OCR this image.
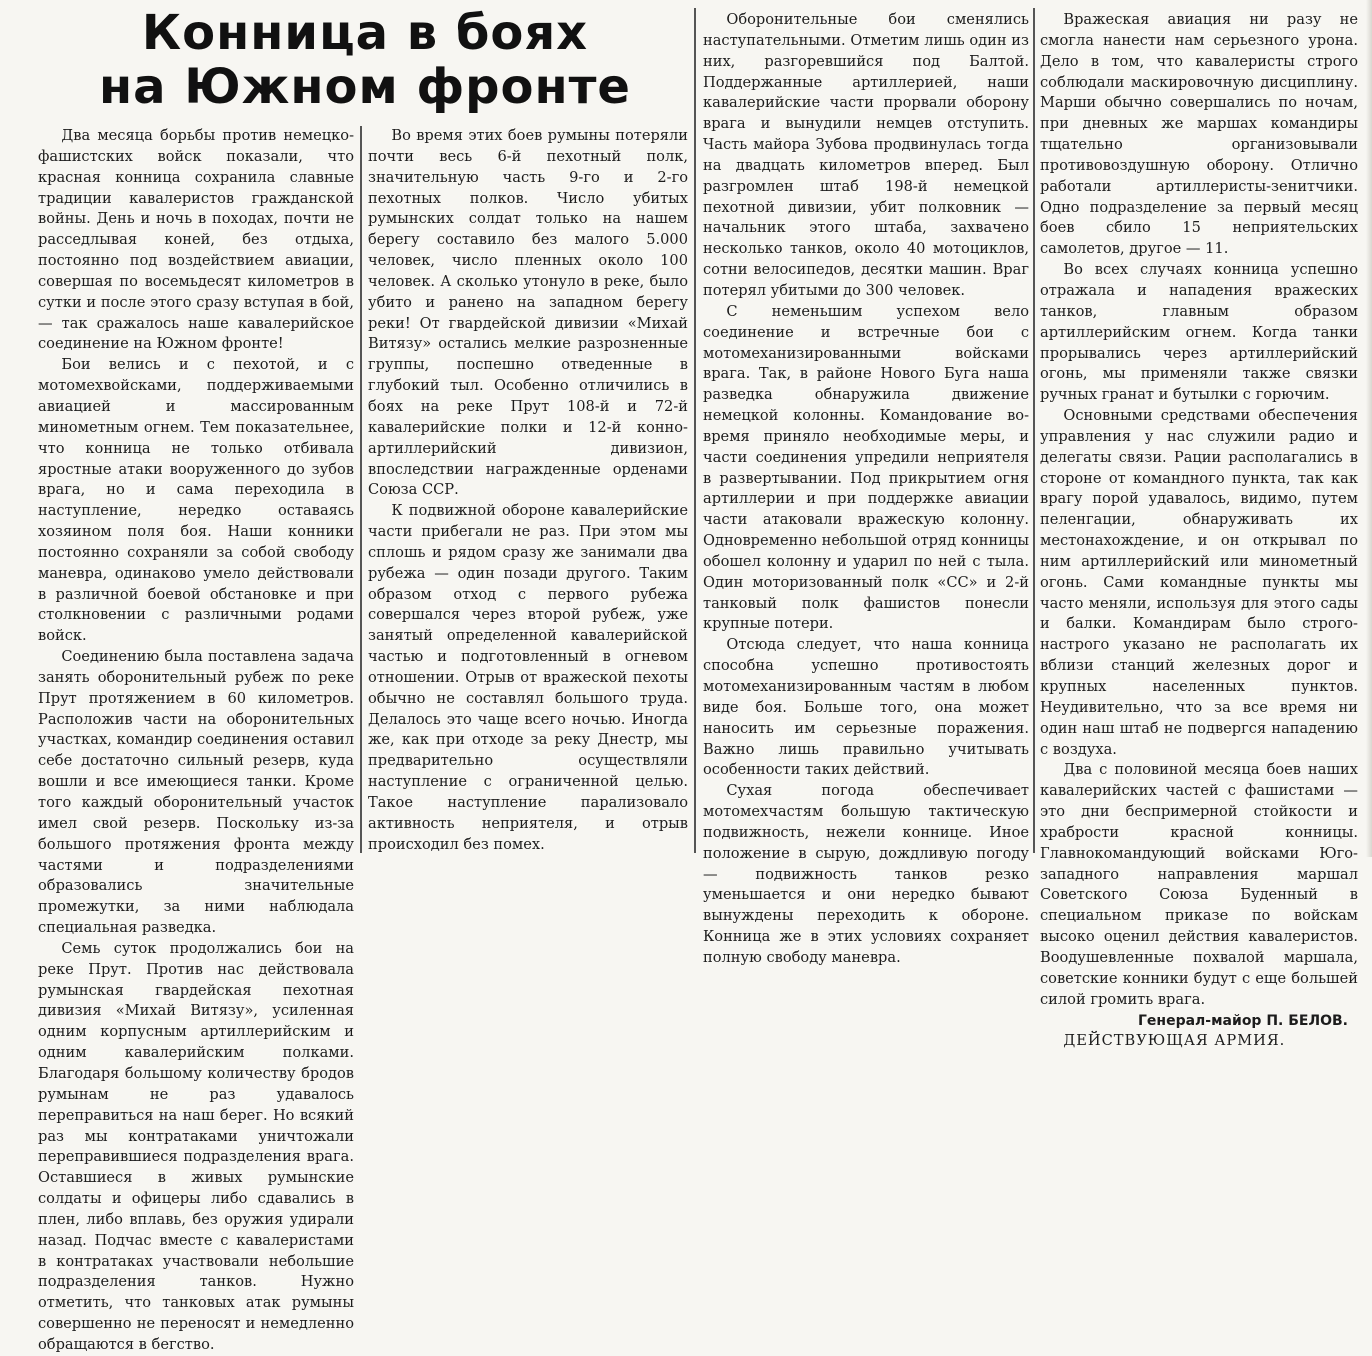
Конница в боях
на Южном фронте

Два месяца борьбы против немецко-фашистских войск показали, что красная конница сохранила славные традиции кавалеристов гражданской войны. День и ночь в походах, почти не расседлывая коней, без отдыха, постоянно под воздействием авиации, совершая по восемьдесят километров в сутки и после этого сразу вступая в бой, — так сражалось наше кавалерийское соединение на Южном фронте!

Бои велись и с пехотой, и с мотомехвойсками, поддерживаемыми авиацией и массированным минометным огнем. Тем показательнее, что конница не только отбивала яростные атаки вооруженного до зубов врага, но и сама переходила в наступление, нередко оставаясь хозяином поля боя. Наши конники постоянно сохраняли за собой свободу маневра, одинаково умело действовали в различной боевой обстановке и при столкновении с различными родами войск.

Соединению была поставлена задача занять оборонительный рубеж по реке Прут протяжением в 60 километров. Расположив части на оборонительных участках, командир соединения оставил себе достаточно сильный резерв, куда вошли и все имеющиеся танки. Кроме того каждый оборонительный участок имел свой резерв. Поскольку из-за большого протяжения фронта между частями и подразделениями образовались значительные промежутки, за ними наблюдала специальная разведка.

Семь суток продолжались бои на реке Прут. Против нас действовала румынская гвардейская пехотная дивизия «Михай Витязу», усиленная одним корпусным артиллерийским и одним кавалерийским полками. Благодаря большому количеству бродов румынам не раз удавалось переправиться на наш берег. Но всякий раз мы контратаками уничтожали переправившиеся подразделения врага. Оставшиеся в живых румынские солдаты и офицеры либо сдавались в плен, либо вплавь, без оружия удирали назад. Подчас вместе с кавалеристами в контратаках участвовали небольшие подразделения танков. Нужно отметить, что танковых атак румыны совершенно не переносят и немедленно обращаются в бегство.

Во время этих боев румыны потеряли почти весь 6-й пехотный полк, значительную часть 9-го и 2-го пехотных полков. Число убитых румынских солдат только на нашем берегу составило без малого 5.000 человек, число пленных около 100 человек. А сколько утонуло в реке, было убито и ранено на западном берегу реки! От гвардейской дивизии «Михай Витязу» остались мелкие разрозненные группы, поспешно отведенные в глубокий тыл. Особенно отличились в боях на реке Прут 108-й и 72-й кавалерийские полки и 12-й конно-артиллерийский дивизион, впоследствии награжденные орденами Союза ССР.

К подвижной обороне кавалерийские части прибегали не раз. При этом мы сплошь и рядом сразу же занимали два рубежа — один позади другого. Таким образом отход с первого рубежа совершался через второй рубеж, уже занятый определенной кавалерийской частью и подготовленный в огневом отношении. Отрыв от вражеской пехоты обычно не составлял большого труда. Делалось это чаще всего ночью. Иногда же, как при отходе за реку Днестр, мы предварительно осуществляли наступление с ограниченной целью. Такое наступление парализовало активность неприятеля, и отрыв происходил без помех.

Оборонительные бои сменялись наступательными. Отметим лишь один из них, разгоревшийся под Балтой. Поддержанные артиллерией, наши кавалерийские части прорвали оборону врага и вынудили немцев отступить. Часть майора Зубова продвинулась тогда на двадцать километров вперед. Был разгромлен штаб 198-й немецкой пехотной дивизии, убит полковник — начальник этого штаба, захвачено несколько танков, около 40 мотоциклов, сотни велосипедов, десятки машин. Враг потерял убитыми до 300 человек.

С неменьшим успехом вело соединение и встречные бои с мотомеханизированными войсками врага. Так, в районе Нового Буга наша разведка обнаружила движение немецкой колонны. Командование во-время приняло необходимые меры, и части соединения упредили неприятеля в развертывании. Под прикрытием огня артиллерии и при поддержке авиации части атаковали вражескую колонну. Одновременно небольшой отряд конницы обошел колонну и ударил по ней с тыла. Один моторизованный полк «СС» и 2-й танковый полк фашистов понесли крупные потери.

Отсюда следует, что наша конница способна успешно противостоять мотомеханизированным частям в любом виде боя. Больше того, она может наносить им серьезные поражения. Важно лишь правильно учитывать особенности таких действий.

Сухая погода обеспечивает мотомехчастям большую тактическую подвижность, нежели коннице. Иное положение в сырую, дождливую погоду — подвижность танков резко уменьшается и они нередко бывают вынуждены переходить к обороне. Конница же в этих условиях сохраняет полную свободу маневра.

Вражеская авиация ни разу не смогла нанести нам серьезного урона. Дело в том, что кавалеристы строго соблюдали маскировочную дисциплину. Марши обычно совершались по ночам, при дневных же маршах командиры тщательно организовывали противовоздушную оборону. Отлично работали артиллеристы-зенитчики. Одно подразделение за первый месяц боев сбило 15 неприятельских самолетов, другое — 11.

Во всех случаях конница успешно отражала и нападения вражеских танков, главным образом артиллерийским огнем. Когда танки прорывались через артиллерийский огонь, мы применяли также связки ручных гранат и бутылки с горючим.

Основными средствами обеспечения управления у нас служили радио и делегаты связи. Рации располагались в стороне от командного пункта, так как врагу порой удавалось, видимо, путем пеленгации, обнаруживать их местонахождение, и он открывал по ним артиллерийский или минометный огонь. Сами командные пункты мы часто меняли, используя для этого сады и балки. Командирам было строго-настрого указано не располагать их вблизи станций железных дорог и крупных населенных пунктов. Неудивительно, что за все время ни один наш штаб не подвергся нападению с воздуха.

Два с половиной месяца боев наших кавалерийских частей с фашистами — это дни беспримерной стойкости и храбрости красной конницы. Главнокомандующий войсками Юго-западного направления маршал Советского Союза Буденный в специальном приказе по войскам высоко оценил действия кавалеристов. Воодушевленные похвалой маршала, советские конники будут с еще большей силой громить врага.

Генерал-майор П. БЕЛОВ.

ДЕЙСТВУЮЩАЯ АРМИЯ.
